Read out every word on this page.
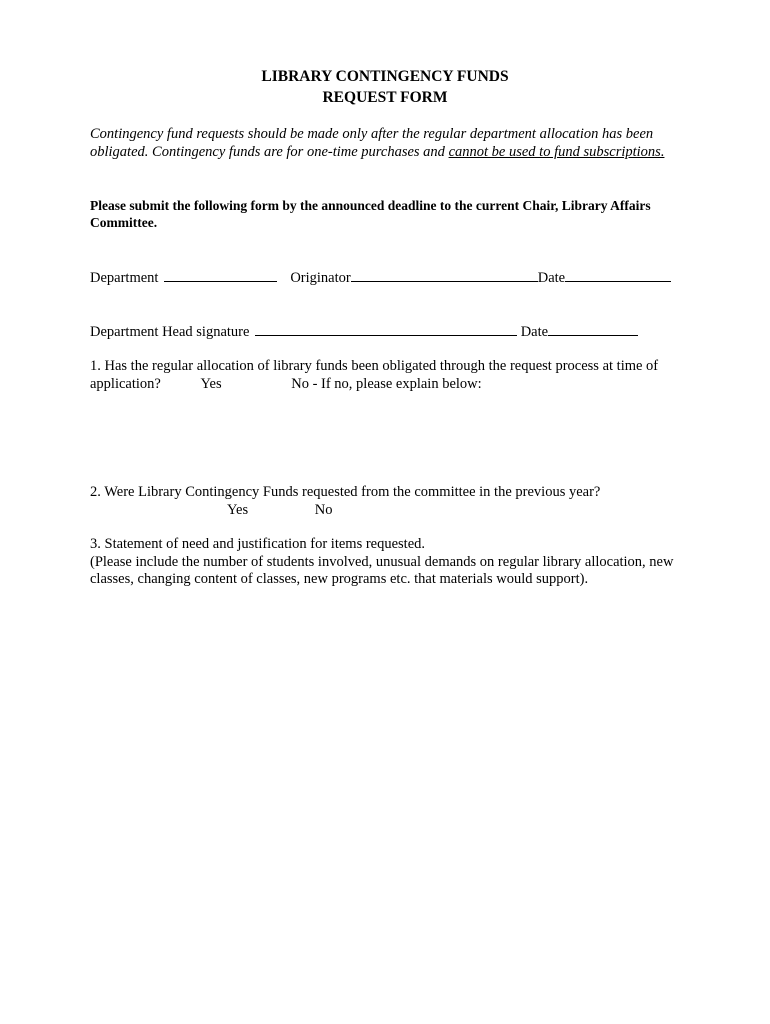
LIBRARY CONTINGENCY FUNDS
REQUEST FORM
Contingency fund requests should be made only after the regular department allocation has been obligated. Contingency funds are for one-time purchases and cannot be used to fund subscriptions.
Please submit the following form by the announced deadline to the current Chair, Library Affairs Committee.
Department	Originator	Date
Department Head signature	Date
1. Has the regular allocation of library funds been obligated through the request process at time of application?	Yes	No - If no, please explain below:
2. Were Library Contingency Funds requested from the committee in the previous year?
Yes	No
3. Statement of need and justification for items requested.
(Please include the number of students involved, unusual demands on regular library allocation, new classes, changing content of classes, new programs etc. that materials would support).
